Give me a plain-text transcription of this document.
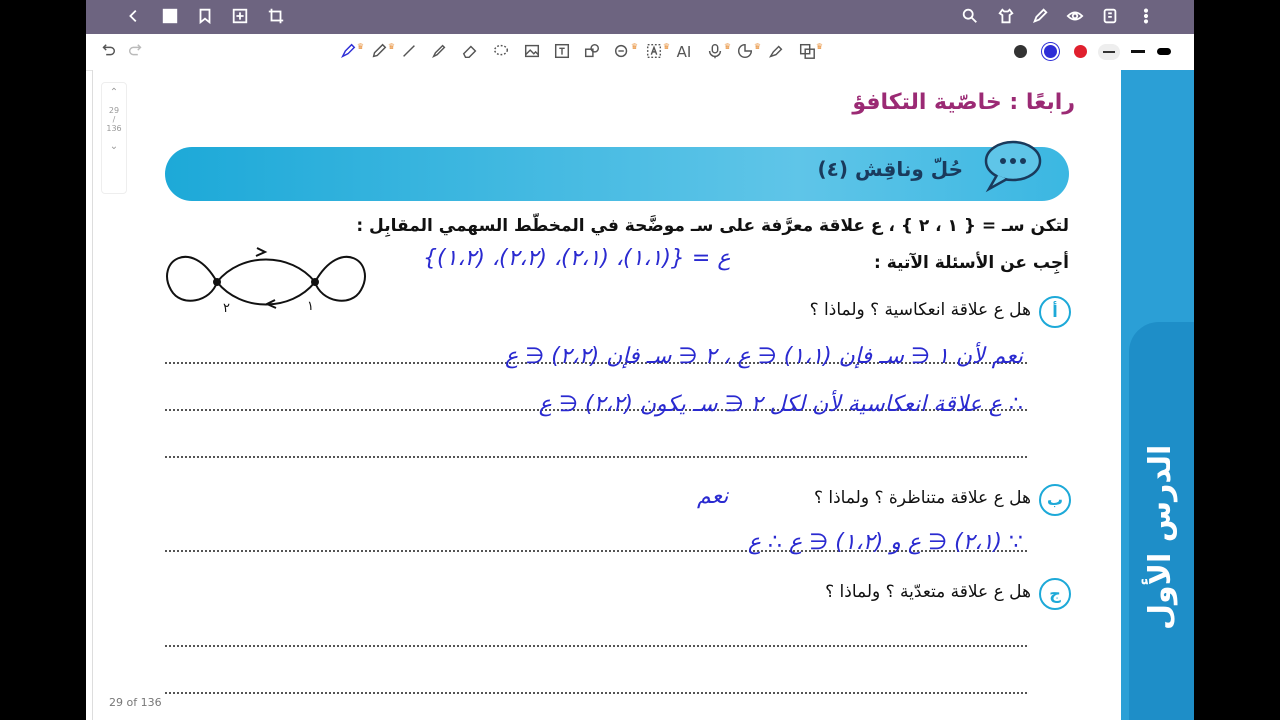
♛	♛	♛	♛ AI	♛	♛	♛
⌃
29
/
136
⌄
الدرس الأول
رابعًا : خاصّية التكافؤ
حُلّ وناقِش (٤)
لتكن سـ = { ١ ، ٢ } ، ع علاقة معرَّفة على سـ موضَّحة في المخطّط السهمي المقابِل :
أجِب عن الأسئلة الآتية :
٢	١
ع = {(١،١)، (٢،١)، (٢،٢)، (١،٢)}
أ
هل ع علاقة انعكاسية ؟ ولماذا ؟
نعم لأن ١ ∈ سـ فإن (١،١) ∈ ع ، ٢ ∈ سـ فإن (٢،٢) ∈ ع
∴ ع علاقة انعكاسية لأن لكل ٢ ∈ سـ يكون (٢،٢) ∈ ع
ب
هل ع علاقة متناظرة ؟ ولماذا ؟
نعم
∵ (٢،١) ∈ ع و (١،٢) ∈ ع ∴ ع
ج
هل ع علاقة متعدّية ؟ ولماذا ؟
29 of 136
